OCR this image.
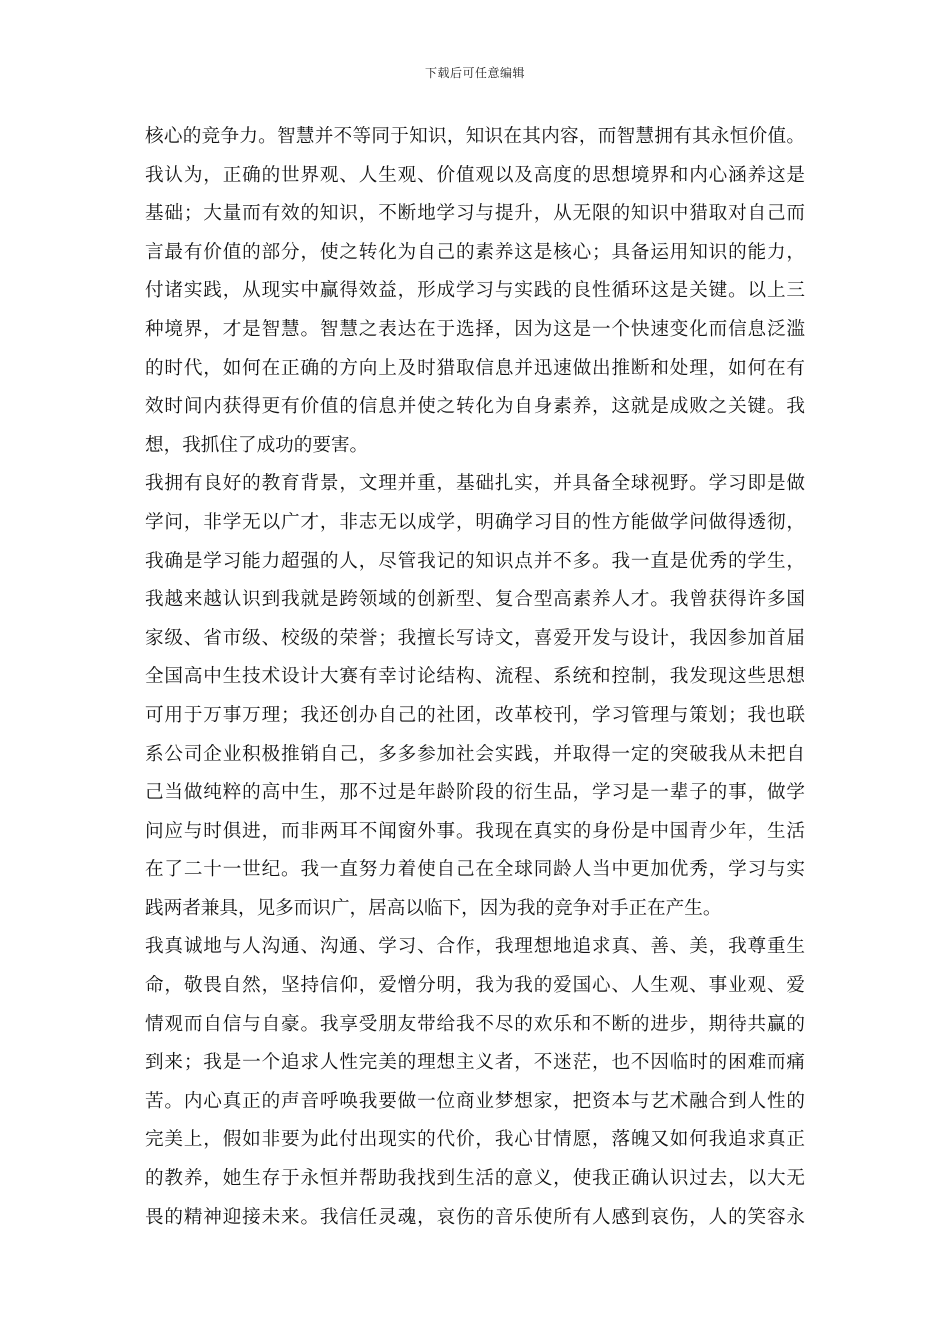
下载后可任意编辑
核心的竞争力。智慧并不等同于知识，知识在其内容，而智慧拥有其永恒价值。
我认为，正确的世界观、人生观、价值观以及高度的思想境界和内心涵养这是
基础；大量而有效的知识，不断地学习与提升，从无限的知识中猎取对自己而
言最有价值的部分，使之转化为自己的素养这是核心；具备运用知识的能力，
付诸实践，从现实中赢得效益，形成学习与实践的良性循环这是关键。以上三
种境界，才是智慧。智慧之表达在于选择，因为这是一个快速变化而信息泛滥
的时代，如何在正确的方向上及时猎取信息并迅速做出推断和处理，如何在有
效时间内获得更有价值的信息并使之转化为自身素养，这就是成败之关键。我
想，我抓住了成功的要害。
我拥有良好的教育背景，文理并重，基础扎实，并具备全球视野。学习即是做
学问，非学无以广才，非志无以成学，明确学习目的性方能做学问做得透彻，
我确是学习能力超强的人，尽管我记的知识点并不多。我一直是优秀的学生，
我越来越认识到我就是跨领域的创新型、复合型高素养人才。我曾获得许多国
家级、省市级、校级的荣誉；我擅长写诗文，喜爱开发与设计，我因参加首届
全国高中生技术设计大赛有幸讨论结构、流程、系统和控制，我发现这些思想
可用于万事万理；我还创办自己的社团，改革校刊，学习管理与策划；我也联
系公司企业积极推销自己，多多参加社会实践，并取得一定的突破我从未把自
己当做纯粹的高中生，那不过是年龄阶段的衍生品，学习是一辈子的事，做学
问应与时俱进，而非两耳不闻窗外事。我现在真实的身份是中国青少年，生活
在了二十一世纪。我一直努力着使自己在全球同龄人当中更加优秀，学习与实
践两者兼具，见多而识广，居高以临下，因为我的竞争对手正在产生。
我真诚地与人沟通、沟通、学习、合作，我理想地追求真、善、美，我尊重生
命，敬畏自然，坚持信仰，爱憎分明，我为我的爱国心、人生观、事业观、爱
情观而自信与自豪。我享受朋友带给我不尽的欢乐和不断的进步，期待共赢的
到来；我是一个追求人性完美的理想主义者，不迷茫，也不因临时的困难而痛
苦。内心真正的声音呼唤我要做一位商业梦想家，把资本与艺术融合到人性的
完美上，假如非要为此付出现实的代价，我心甘情愿，落魄又如何我追求真正
的教养，她生存于永恒并帮助我找到生活的意义，使我正确认识过去，以大无
畏的精神迎接未来。我信任灵魂，哀伤的音乐使所有人感到哀伤，人的笑容永
